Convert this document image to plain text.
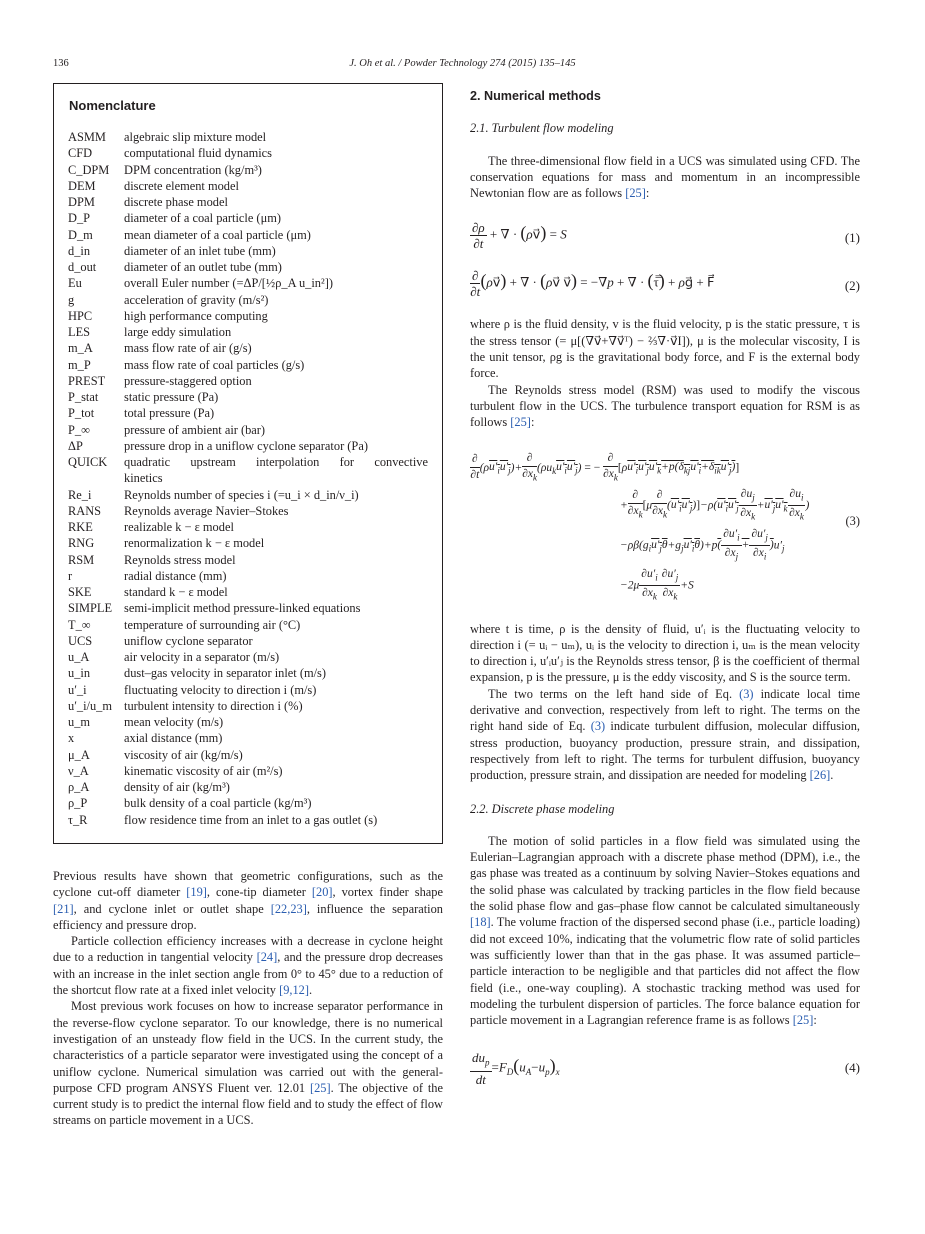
136	J. Oh et al. / Powder Technology 274 (2015) 135–145
Nomenclature
ASMM	algebraic slip mixture model
CFD	computational fluid dynamics
C_DPM	DPM concentration (kg/m³)
DEM	discrete element model
DPM	discrete phase model
D_P	diameter of a coal particle (μm)
D_m	mean diameter of a coal particle (μm)
d_in	diameter of an inlet tube (mm)
d_out	diameter of an outlet tube (mm)
Eu	overall Euler number (=ΔP/[½ρ_A u_in²])
g	acceleration of gravity (m/s²)
HPC	high performance computing
LES	large eddy simulation
m_A	mass flow rate of air (g/s)
m_P	mass flow rate of coal particles (g/s)
PREST	pressure-staggered option
P_stat	static pressure (Pa)
P_tot	total pressure (Pa)
P_∞	pressure of ambient air (bar)
ΔP	pressure drop in a uniflow cyclone separator (Pa)
QUICK	quadratic upstream interpolation for convective
kinetics
Re_i	Reynolds number of species i (=u_i × d_in/ν_i)
RANS	Reynolds average Navier–Stokes
RKE	realizable k − ε model
RNG	renormalization k − ε model
RSM	Reynolds stress model
r	radial distance (mm)
SKE	standard k − ε model
SIMPLE semi-implicit method pressure-linked equations
T_∞	temperature of surrounding air (°C)
UCS	uniflow cyclone separator
u_A	air velocity in a separator (m/s)
u_in	dust–gas velocity in separator inlet (m/s)
u′_i	fluctuating velocity to direction i (m/s)
u′_i/u_m turbulent intensity to direction i (%)
u_m	mean velocity (m/s)
x	axial distance (mm)
μ_A	viscosity of air (kg/m/s)
ν_A	kinematic viscosity of air (m²/s)
ρ_A	density of air (kg/m³)
ρ_P	bulk density of a coal particle (kg/m³)
τ_R	flow residence time from an inlet to a gas outlet (s)

Previous results have shown that geometric configurations, such as the cyclone cut-off diameter [19], cone-tip diameter [20], vortex finder shape [21], and cyclone inlet or outlet shape [22,23], influence the separation efficiency and pressure drop.

Particle collection efficiency increases with a decrease in cyclone height due to a reduction in tangential velocity [24], and the pressure drop decreases with an increase in the inlet section angle from 0° to 45° due to a reduction of the shortcut flow rate at a fixed inlet velocity [9,12].

Most previous work focuses on how to increase separator performance in the reverse-flow cyclone separator. To our knowledge, there is no numerical investigation of an unsteady flow field in the UCS. In the current study, the characteristics of a particle separator were investigated using the concept of a uniflow cyclone. Numerical simulation was carried out with the general-purpose CFD program ANSYS Fluent ver. 12.01 [25]. The objective of the current study is to predict the internal flow field and to study the effect of flow streams on particle movement in a UCS.

2. Numerical methods
2.1. Turbulent flow modeling

The three-dimensional flow field in a UCS was simulated using CFD. The conservation equations for mass and momentum in an incompressible Newtonian flow are as follows [25]:

$\frac{\partial\rho}{\partial t}$ + ∇ · (ρv⃗) = S	(1)
$\frac{\partial}{\partial t}$ (ρv⃗) + ∇ · (ρv⃗ v⃗) = −∇p + ∇ · (τ̿) + ρg⃗ + F⃗	(2)

where ρ is the fluid density, v is the fluid velocity, p is the static pressure, τ is the stress tensor (= μ[(∇v⃗+∇v⃗ᵀ) − ⅔∇·v⃗I]), μ is the molecular viscosity, I is the unit tensor, ρg is the gravitational body force, and F is the external body force.

The Reynolds stress model (RSM) was used to modify the viscous turbulent flow in the UCS. The turbulence transport equation for RSM is as follows [25]:

$\frac{\partial}{\partial t} (\rho u'_iu'_j)+ \frac{\partial}{\partial x_k} (\rho u_ku'_iu'_j)$ = − $\frac{\partial}{\partial x_k} [\rho u'_iu'_ju'_k+p(\delta_{kj}u'_i+\delta_{ik}u'_j)]$
+ $\frac{\partial}{\partial x_k} [\mu \frac{\partial}{\partial x_k} (u'_iu'_j)]-\rho(u'_iu'_j \frac{\partial u_j}{\partial x_k} +u'_ju'_k \frac{\partial u_i}{\partial x_k}$ )
$-\rho\beta(g_iu'_j\theta+g_ju'_i\theta)+p( \frac{\partial u'_i}{\partial x_j} + \frac{\partial u'_j}{\partial x_i} )u'_j$
$-2\mu \frac{\partial u'_i}{\partial x_k} \frac{\partial u'_j}{\partial x_k} +S$
(3)

where t is time, ρ is the density of fluid, u′ᵢ is the fluctuating velocity to direction i (= uᵢ − uₘ), uᵢ is the velocity to direction i, uₘ is the mean velocity to direction i, u′ᵢu′ⱼ is the Reynolds stress tensor, β is the coefficient of thermal expansion, p is the pressure, μ is the eddy viscosity, and S is the source term.

The two terms on the left hand side of Eq. (3) indicate local time derivative and convection, respectively from left to right. The terms on the right hand side of Eq. (3) indicate turbulent diffusion, molecular diffusion, stress production, buoyancy production, pressure strain, and dissipation, respectively from left to right. The terms for turbulent diffusion, buoyancy production, pressure strain, and dissipation are needed for modeling [26].

2.2. Discrete phase modeling

The motion of solid particles in a flow field was simulated using the Eulerian–Lagrangian approach with a discrete phase method (DPM), i.e., the gas phase was treated as a continuum by solving Navier–Stokes equations and the solid phase was calculated by tracking particles in the flow field because the solid phase flow and gas–phase flow cannot be calculated simultaneously [18]. The volume fraction of the dispersed second phase (i.e., particle loading) did not exceed 10%, indicating that the volumetric flow rate of solid particles was sufficiently lower than that in the gas phase. It was assumed particle–particle interaction to be negligible and that particles did not affect the flow field (i.e., one-way coupling). A stochastic tracking method was used for modeling the turbulent dispersion of particles. The force balance equation for particle movement in a Lagrangian reference frame is as follows [25]:

$\frac{du_p}{dt} =F_D(u_A-u_p)_x$	(4)
